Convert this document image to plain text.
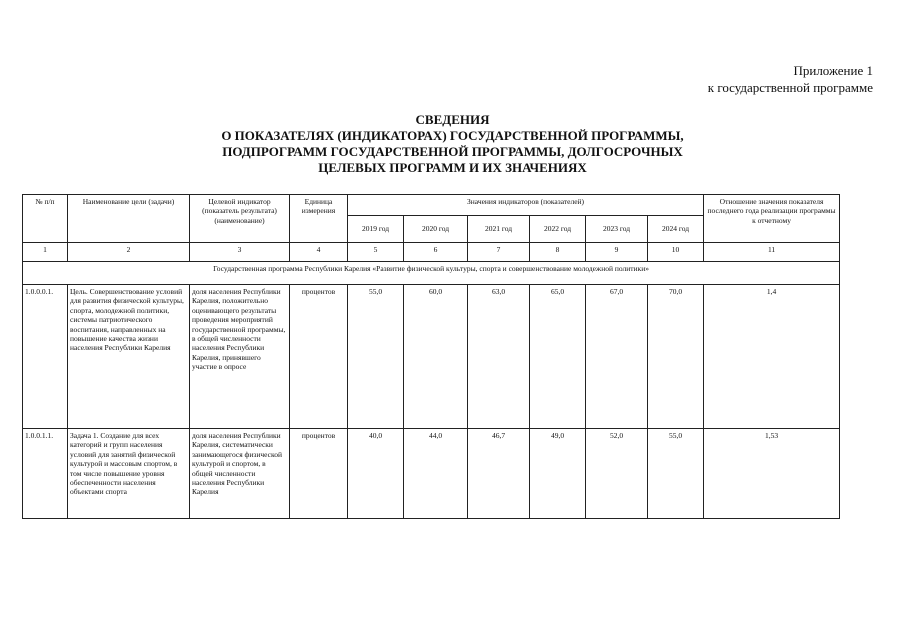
Приложение 1
к государственной программе
СВЕДЕНИЯ
О ПОКАЗАТЕЛЯХ (ИНДИКАТОРАХ) ГОСУДАРСТВЕННОЙ ПРОГРАММЫ,
ПОДПРОГРАММ ГОСУДАРСТВЕННОЙ ПРОГРАММЫ, ДОЛГОСРОЧНЫХ
ЦЕЛЕВЫХ ПРОГРАММ И ИХ ЗНАЧЕНИЯХ
№ п/п	Наименование цели (задачи)	Целевой индикатор (показатель результата) (наименование)	Единица измерения	Значения индикаторов (показателей)						Отношение значения показателя последнего года реализации программы к отчетному
				2019 год	2020 год	2021 год	2022 год	2023 год	2024 год	
1	2	3	4	5	6	7	8	9	10	11
Государственная программа Республики Карелия «Развитие физической культуры, спорта и совершенствование молодежной политики»										
1.0.0.0.1.	Цель. Совершенствование условий для развития физической культуры, спорта, молодежной политики, системы патриотического воспитания, направленных на повышение качества жизни населения Республики Карелия	доля населения Республики Карелия, положительно оценивающего результаты проведения мероприятий государственной программы, в общей численности населения Республики Карелия, принявшего участие в опросе	процентов	55,0	60,0	63,0	65,0	67,0	70,0	1,4
1.0.0.1.1.	Задача 1. Создание для всех категорий и групп населения условий для занятий физической культурой и массовым спортом, в том числе повышение уровня обеспеченности населения объектами спорта	доля населения Республики Карелия, систематически занимающегося физической культурой и спортом, в общей численности населения Республики Карелия	процентов	40,0	44,0	46,7	49,0	52,0	55,0	1,53
